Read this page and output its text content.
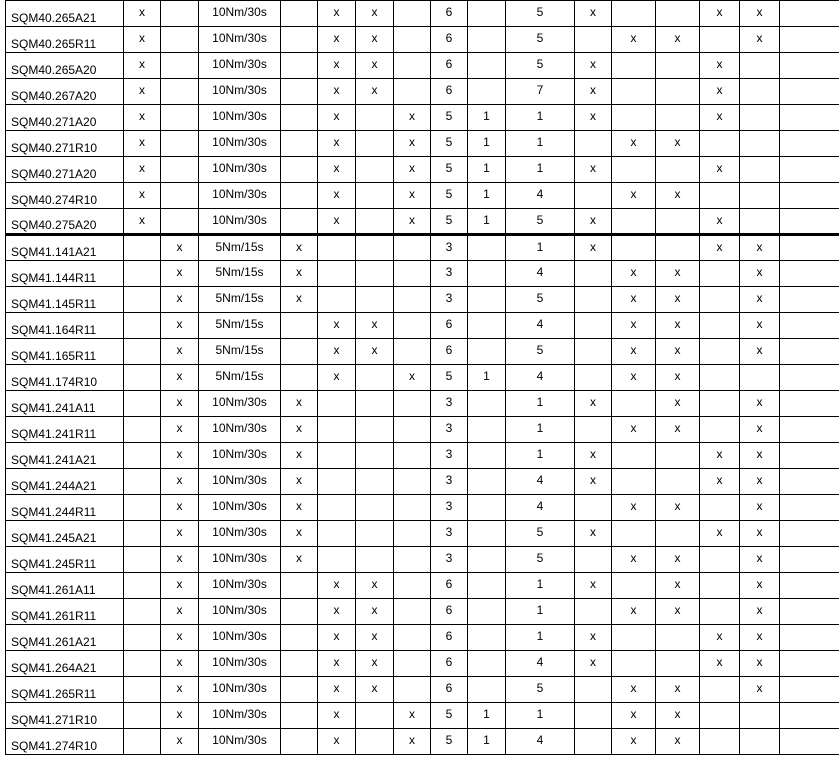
SQM40.265A21	x		10Nm/30s		x	x		6		5	x			x	x	
SQM40.265R11	x		10Nm/30s		x	x		6		5		x	x		x	
SQM40.265A20	x		10Nm/30s		x	x		6		5	x			x		
SQM40.267A20	x		10Nm/30s		x	x		6		7	x			x		
SQM40.271A20	x		10Nm/30s		x		x	5	1	1	x			x		
SQM40.271R10	x		10Nm/30s		x		x	5	1	1		x	x			
SQM40.271A20	x		10Nm/30s		x		x	5	1	1	x			x		
SQM40.274R10	x		10Nm/30s		x		x	5	1	4		x	x			
SQM40.275A20	x		10Nm/30s		x		x	5	1	5	x			x		
SQM41.141A21		x	5Nm/15s	x				3		1	x			x	x	
SQM41.144R11		x	5Nm/15s	x				3		4		x	x		x	
SQM41.145R11		x	5Nm/15s	x				3		5		x	x		x	
SQM41.164R11		x	5Nm/15s		x	x		6		4		x	x		x	
SQM41.165R11		x	5Nm/15s		x	x		6		5		x	x		x	
SQM41.174R10		x	5Nm/15s		x		x	5	1	4		x	x			
SQM41.241A11		x	10Nm/30s	x				3		1	x		x		x	
SQM41.241R11		x	10Nm/30s	x				3		1		x	x		x	
SQM41.241A21		x	10Nm/30s	x				3		1	x			x	x	
SQM41.244A21		x	10Nm/30s	x				3		4	x			x	x	
SQM41.244R11		x	10Nm/30s	x				3		4		x	x		x	
SQM41.245A21		x	10Nm/30s	x				3		5	x			x	x	
SQM41.245R11		x	10Nm/30s	x				3		5		x	x		x	
SQM41.261A11		x	10Nm/30s		x	x		6		1	x		x		x	
SQM41.261R11		x	10Nm/30s		x	x		6		1		x	x		x	
SQM41.261A21		x	10Nm/30s		x	x		6		1	x			x	x	
SQM41.264A21		x	10Nm/30s		x	x		6		4	x			x	x	
SQM41.265R11		x	10Nm/30s		x	x		6		5		x	x		x	
SQM41.271R10		x	10Nm/30s		x		x	5	1	1		x	x			
SQM41.274R10		x	10Nm/30s		x		x	5	1	4		x	x			
